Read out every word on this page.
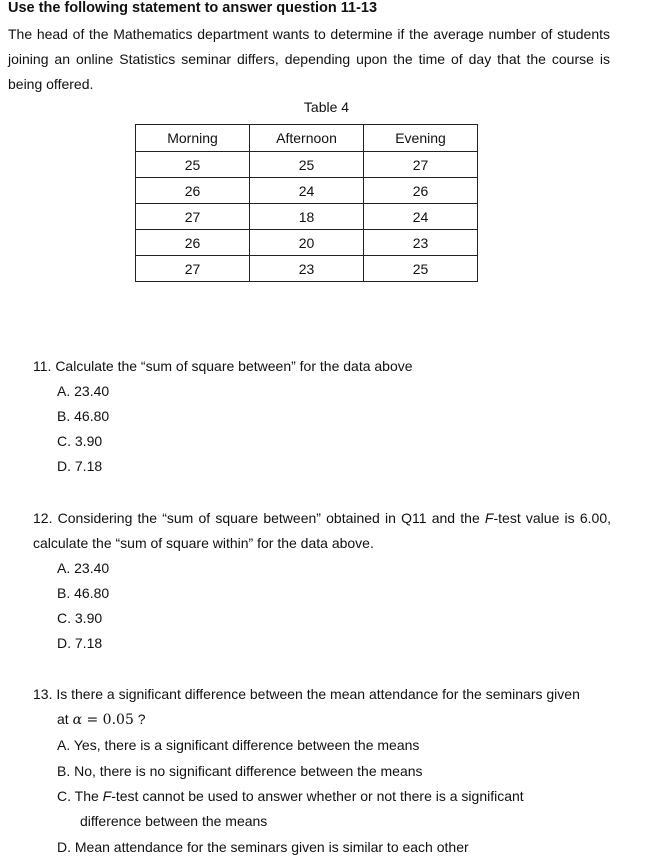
Use the following statement to answer question 11-13
The head of the Mathematics department wants to determine if the average number of students joining an online Statistics seminar differs, depending upon the time of day that the course is being offered.
Table 4
Morning	Afternoon	Evening
25	25	27
26	24	26
27	18	24
26	20	23
27	23	25
11. Calculate the “sum of square between” for the data above
A. 23.40
B. 46.80
C. 3.90
D. 7.18
12. Considering the “sum of square between” obtained in Q11 and the F-test value is 6.00, calculate the “sum of square within” for the data above.
A. 23.40
B. 46.80
C. 3.90
D. 7.18
13. Is there a significant difference between the mean attendance for the seminars given
at α = 0.05 ?
A. Yes, there is a significant difference between the means
B. No, there is no significant difference between the means
C. The F-test cannot be used to answer whether or not there is a significant
difference between the means
D. Mean attendance for the seminars given is similar to each other
